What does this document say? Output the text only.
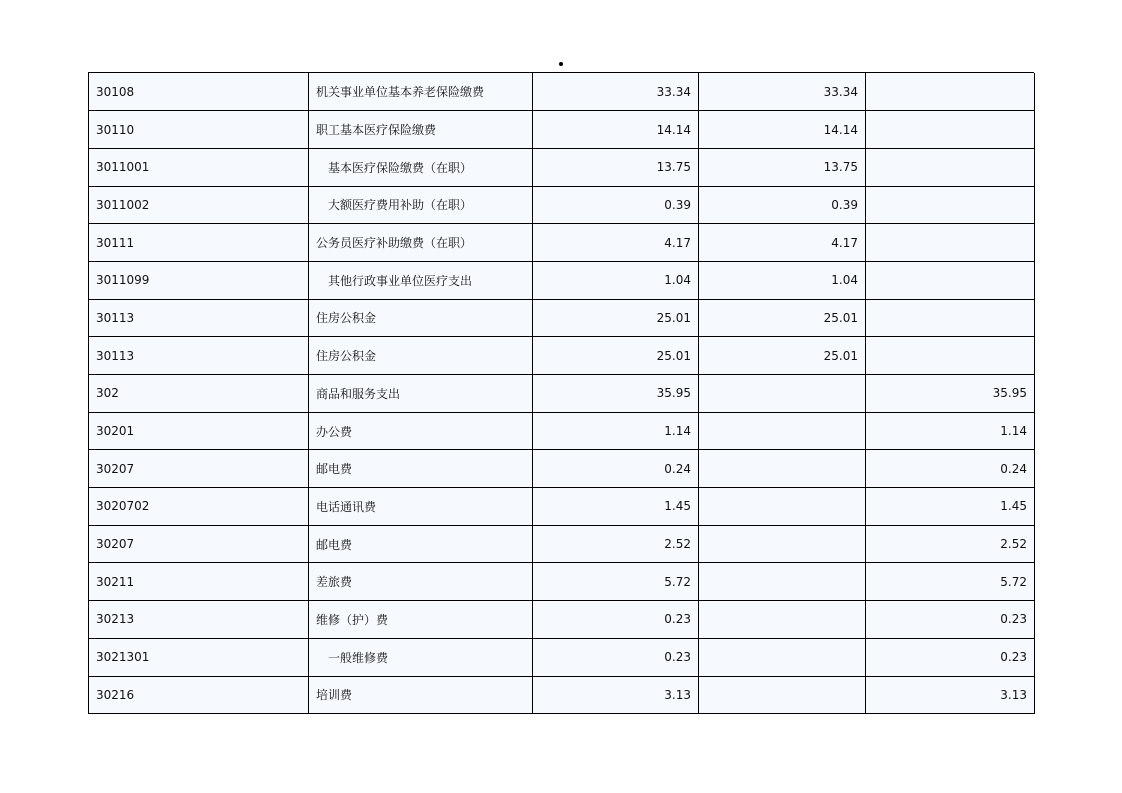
30108	机关事业单位基本养老保险缴费	33.34	33.34	
30110	职工基本医疗保险缴费	14.14	14.14	
3011001	基本医疗保险缴费（在职）	13.75	13.75	
3011002	大额医疗费用补助（在职）	0.39	0.39	
30111	公务员医疗补助缴费（在职）	4.17	4.17	
3011099	其他行政事业单位医疗支出	1.04	1.04	
30113	住房公积金	25.01	25.01	
30113	住房公积金	25.01	25.01	
302	商品和服务支出	35.95		35.95
30201	办公费	1.14		1.14
30207	邮电费	0.24		0.24
3020702	电话通讯费	1.45		1.45
30207	邮电费	2.52		2.52
30211	差旅费	5.72		5.72
30213	维修（护）费	0.23		0.23
3021301	一般维修费	0.23		0.23
30216	培训费	3.13		3.13
